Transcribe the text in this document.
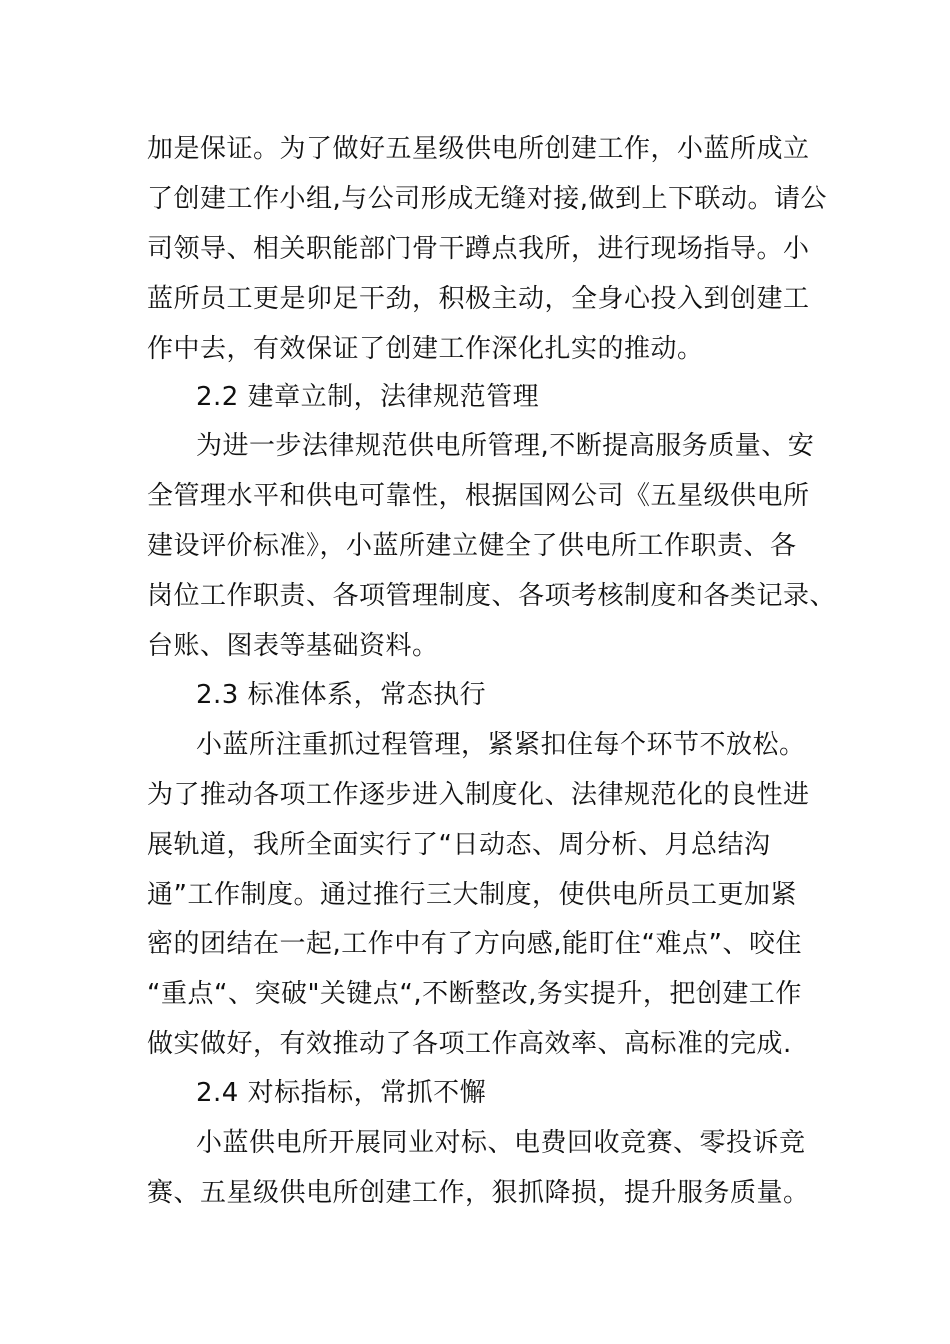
加是保证。为了做好五星级供电所创建工作，小蓝所成立
了创建工作小组,与公司形成无缝对接,做到上下联动。请公
司领导、相关职能部门骨干蹲点我所，进行现场指导。小
蓝所员工更是卯足干劲，积极主动，全身心投入到创建工
作中去，有效保证了创建工作深化扎实的推动。
2.2 建章立制，法律规范管理
为进一步法律规范供电所管理,不断提高服务质量、安
全管理水平和供电可靠性，根据国网公司《五星级供电所
建设评价标准》，小蓝所建立健全了供电所工作职责、各
岗位工作职责、各项管理制度、各项考核制度和各类记录、
台账、图表等基础资料。
2.3 标准体系，常态执行
小蓝所注重抓过程管理，紧紧扣住每个环节不放松。
为了推动各项工作逐步进入制度化、法律规范化的良性进
展轨道，我所全面实行了“日动态、周分析、月总结沟
通”工作制度。通过推行三大制度，使供电所员工更加紧
密的团结在一起,工作中有了方向感,能盯住“难点”、咬住
“重点“、突破"关键点“,不断整改,务实提升，把创建工作
做实做好，有效推动了各项工作高效率、高标准的完成.
2.4 对标指标，常抓不懈
小蓝供电所开展同业对标、电费回收竞赛、零投诉竞
赛、五星级供电所创建工作，狠抓降损，提升服务质量。
